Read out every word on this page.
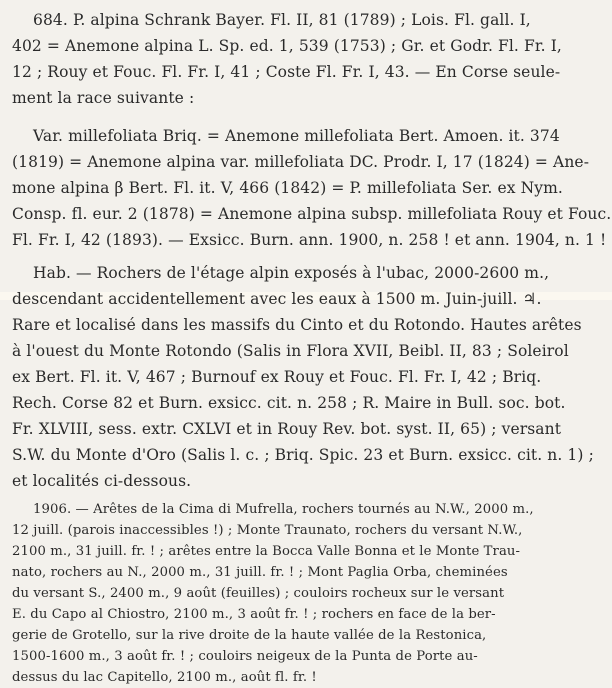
684. P. alpina Schrank Bayer. Fl. II, 81 (1789) ; Lois. Fl. gall. I,
402 = Anemone alpina L. Sp. ed. 1, 539 (1753) ; Gr. et Godr. Fl. Fr. I,
12 ; Rouy et Fouc. Fl. Fr. I, 41 ; Coste Fl. Fr. I, 43. — En Corse seule-
ment la race suivante :
Var. millefoliata Briq. = Anemone millefoliata Bert. Amoen. it. 374
(1819) = Anemone alpina var. millefoliata DC. Prodr. I, 17 (1824) = Ane-
mone alpina β Bert. Fl. it. V, 466 (1842) = P. millefoliata Ser. ex Nym.
Consp. fl. eur. 2 (1878) = Anemone alpina subsp. millefoliata Rouy et Fouc.
Fl. Fr. I, 42 (1893). — Exsicc. Burn. ann. 1900, n. 258 ! et ann. 1904, n. 1 !
Hab. — Rochers de l'étage alpin exposés à l'ubac, 2000-2600 m.,
descendant accidentellement avec les eaux à 1500 m. Juin-juill. ♃.
Rare et localisé dans les massifs du Cinto et du Rotondo. Hautes arêtes
à l'ouest du Monte Rotondo (Salis in Flora XVII, Beibl. II, 83 ; Soleirol
ex Bert. Fl. it. V, 467 ; Burnouf ex Rouy et Fouc. Fl. Fr. I, 42 ; Briq.
Rech. Corse 82 et Burn. exsicc. cit. n. 258 ; R. Maire in Bull. soc. bot.
Fr. XLVIII, sess. extr. CXLVI et in Rouy Rev. bot. syst. II, 65) ; versant
S.W. du Monte d'Oro (Salis l. c. ; Briq. Spic. 23 et Burn. exsicc. cit. n. 1) ;
et localités ci-dessous.
1906. — Arêtes de la Cima di Mufrella, rochers tournés au N.W., 2000 m.,
12 juill. (parois inaccessibles !) ; Monte Traunato, rochers du versant N.W.,
2100 m., 31 juill. fr. ! ; arêtes entre la Bocca Valle Bonna et le Monte Trau-
nato, rochers au N., 2000 m., 31 juill. fr. ! ; Mont Paglia Orba, cheminées
du versant S., 2400 m., 9 août (feuilles) ; couloirs rocheux sur le versant
E. du Capo al Chiostro, 2100 m., 3 août fr. ! ; rochers en face de la ber-
gerie de Grotello, sur la rive droite de la haute vallée de la Restonica,
1500-1600 m., 3 août fr. ! ; couloirs neigeux de la Punta de Porte au-
dessus du lac Capitello, 2100 m., août fl. fr. !
